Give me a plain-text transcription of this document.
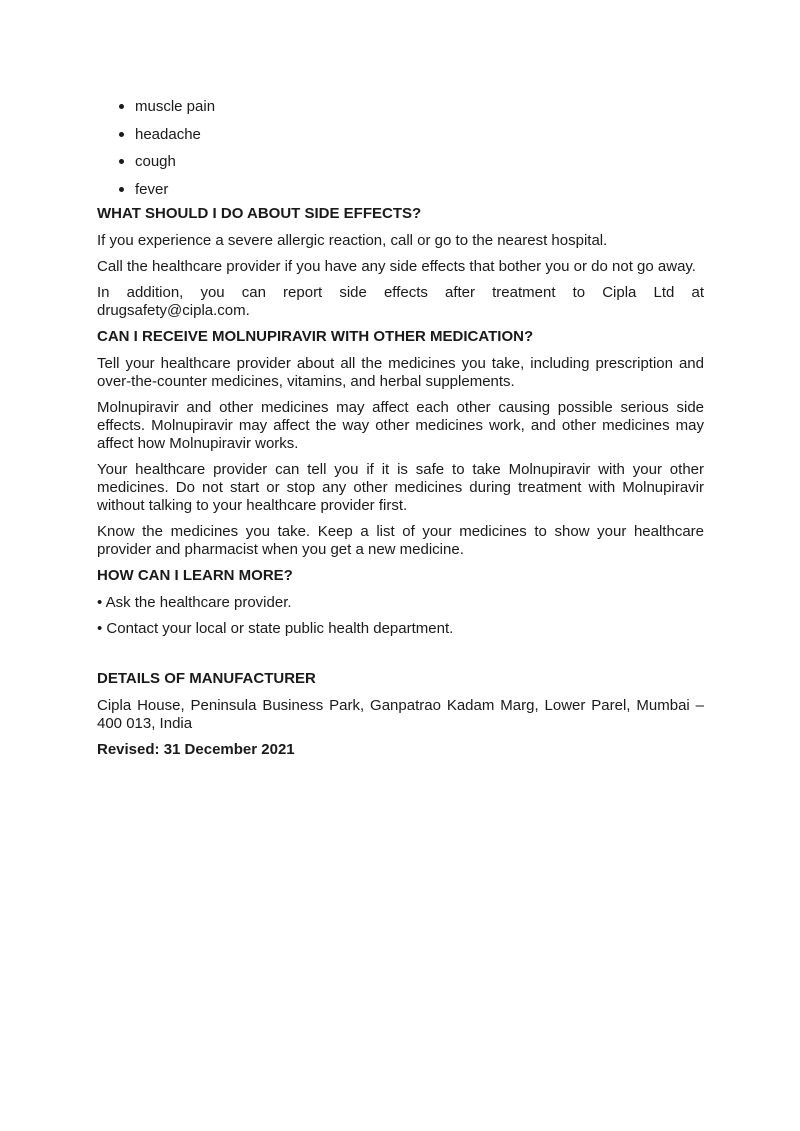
muscle pain
headache
cough
fever
WHAT SHOULD I DO ABOUT SIDE EFFECTS?

If you experience a severe allergic reaction, call or go to the nearest hospital.

Call the healthcare provider if you have any side effects that bother you or do not go away.

In addition, you can report side effects after treatment to Cipla Ltd at drugsafety@cipla.com.

CAN I RECEIVE MOLNUPIRAVIR WITH OTHER MEDICATION?

Tell your healthcare provider about all the medicines you take, including prescription and over-the-counter medicines, vitamins, and herbal supplements.

Molnupiravir and other medicines may affect each other causing possible serious side effects. Molnupiravir may affect the way other medicines work, and other medicines may affect how Molnupiravir works.

Your healthcare provider can tell you if it is safe to take Molnupiravir with your other medicines. Do not start or stop any other medicines during treatment with Molnupiravir without talking to your healthcare provider first.

Know the medicines you take. Keep a list of your medicines to show your healthcare provider and pharmacist when you get a new medicine.

HOW CAN I LEARN MORE?
• Ask the healthcare provider.
• Contact your local or state public health department.
DETAILS OF MANUFACTURER

Cipla House, Peninsula Business Park, Ganpatrao Kadam Marg, Lower Parel, Mumbai – 400 013, India

Revised: 31 December 2021
